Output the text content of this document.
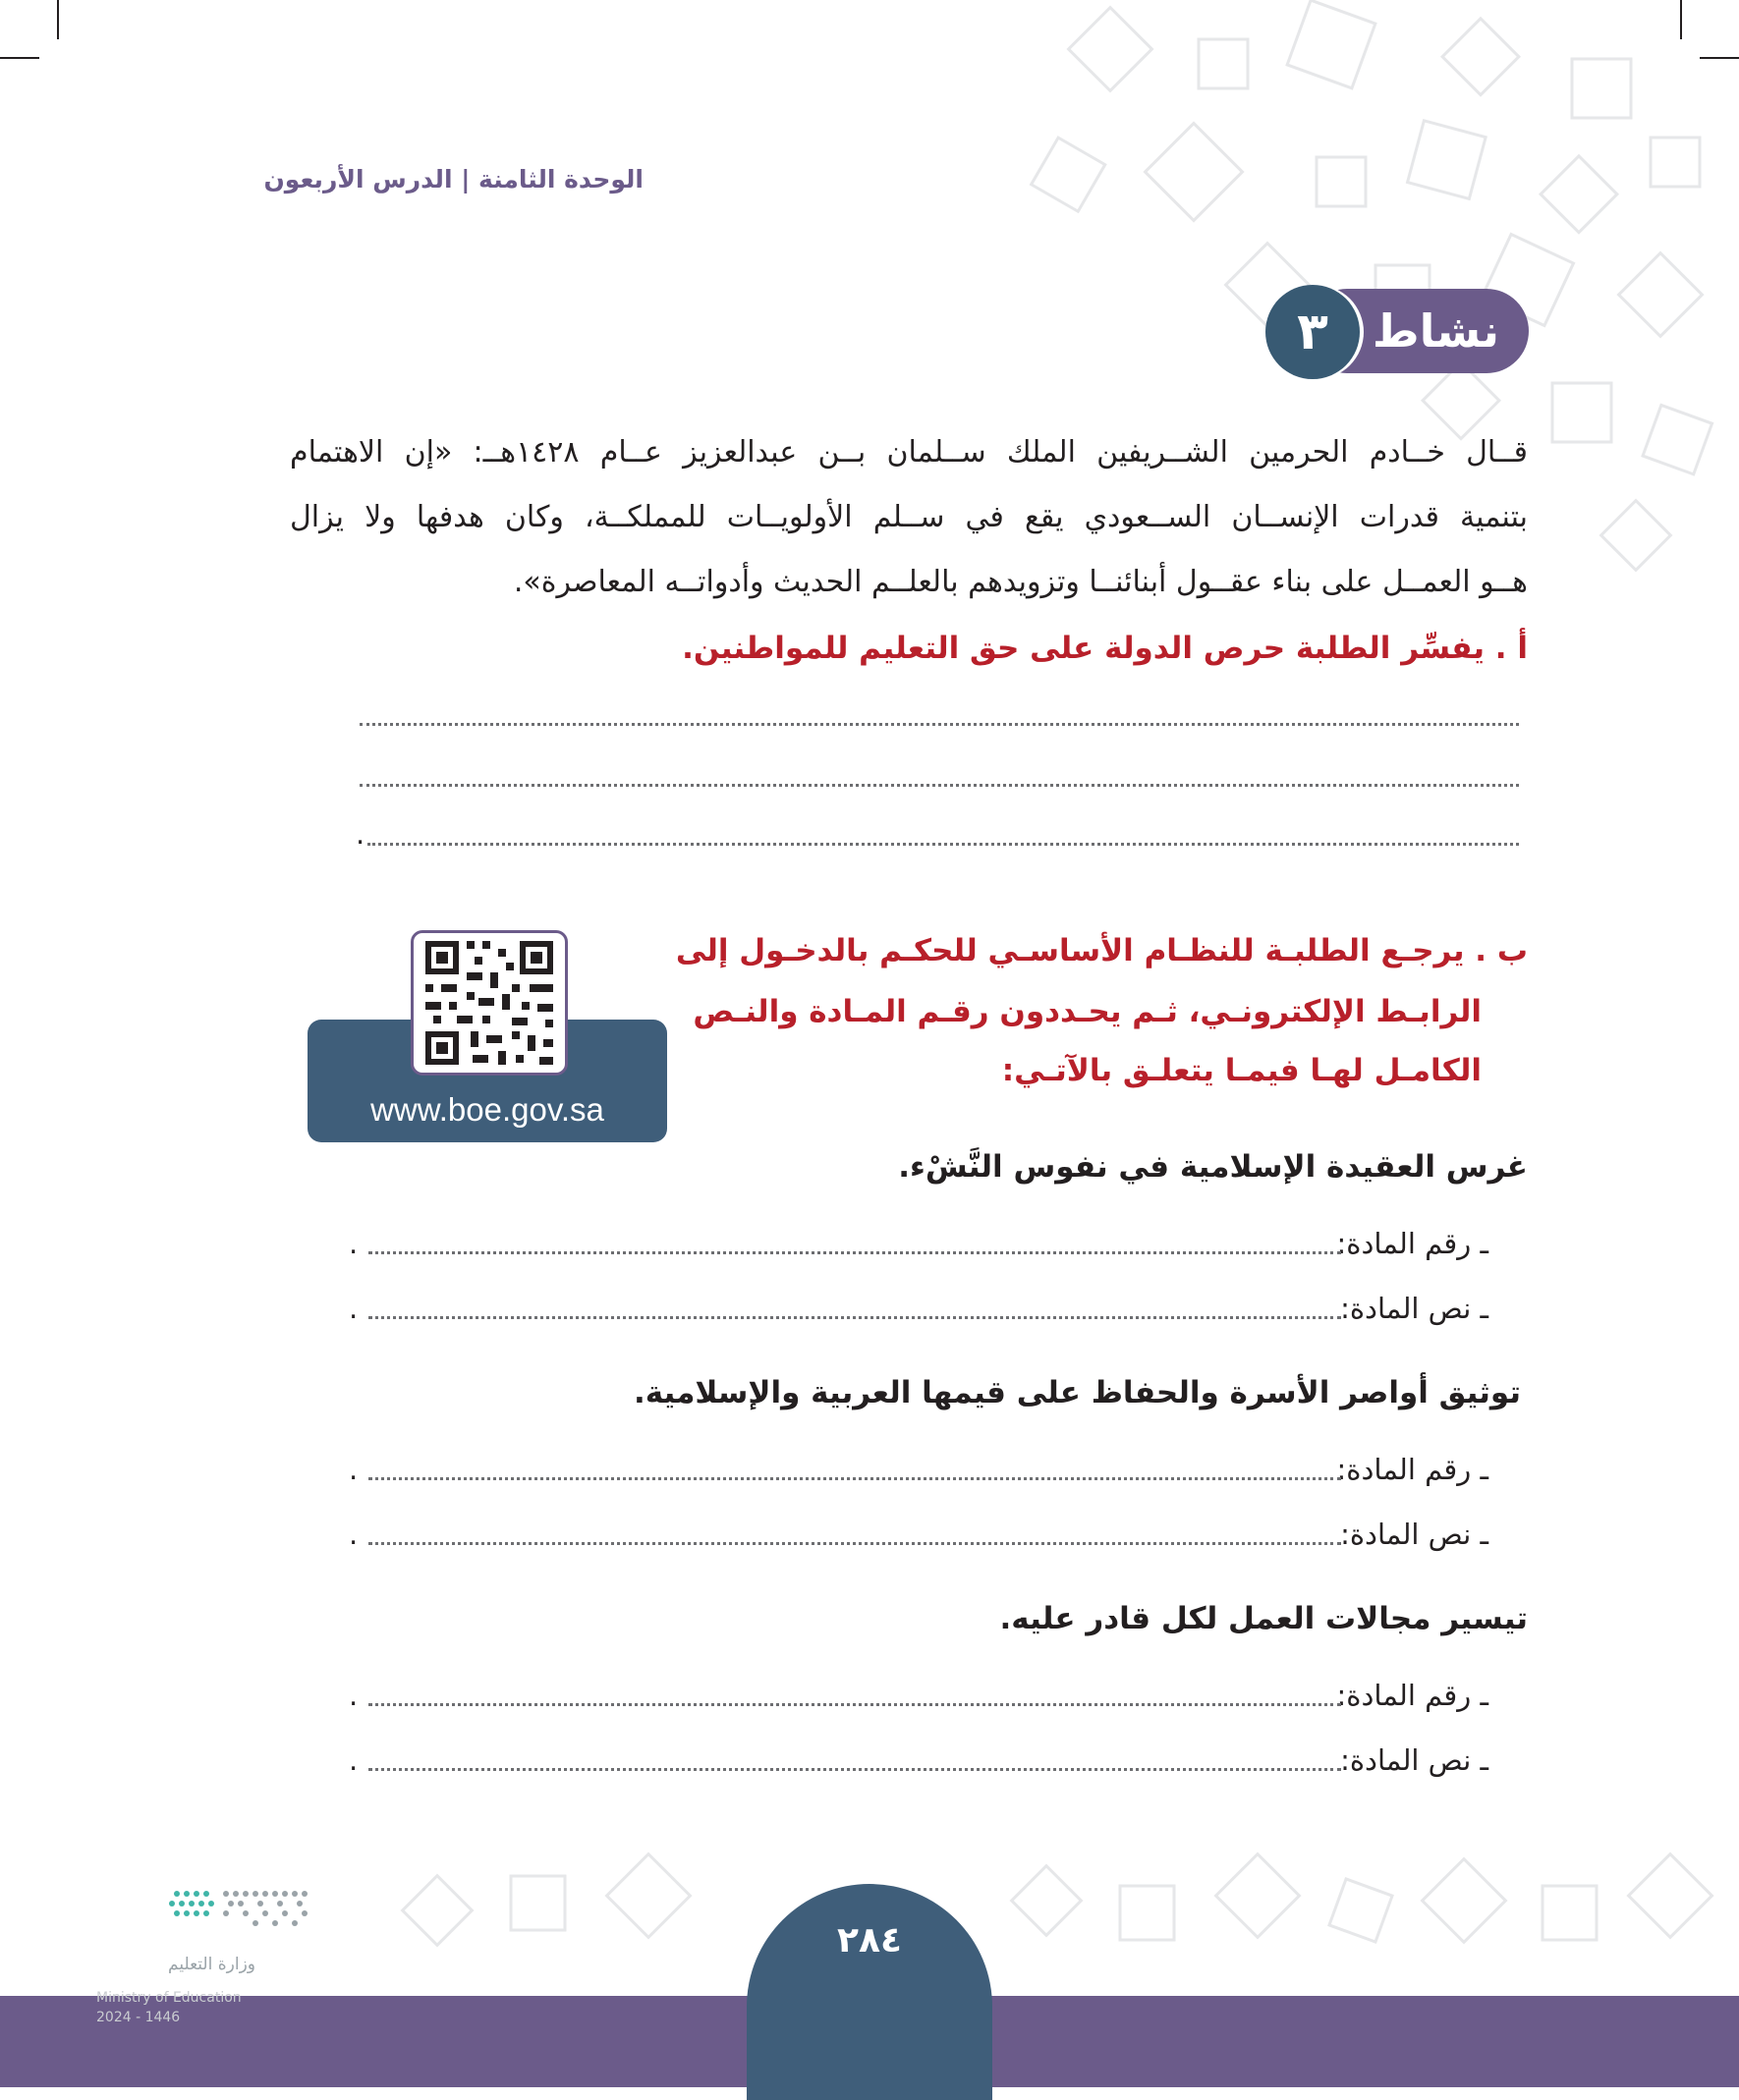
الوحدة الثامنة | الدرس الأربعون
نشاط
٣
قــال خــادم الحرمين الشــريفين الملك ســلمان بــن عبدالعزيز عــام ١٤٢٨هــ: «إن الاهتمام
بتنمية قدرات الإنســان الســعودي يقع في ســلم الأولويــات للمملكــة، وكان هدفها ولا يزال
هــو العمــل على بناء عقــول أبنائنــا وتزويدهم بالعلــم الحديث وأدواتــه المعاصرة».
أ . يفسِّر الطلبة حرص الدولة على حق التعليم للمواطنين.
.
ب . يرجـع الطلبـة للنظـام الأساسـي للحكـم بالدخـول إلى
الرابـط الإلكترونـي، ثـم يحـددون رقـم المـادة والنـص
الكامـل لهـا فيمـا يتعلـق بالآتـي:
www.boe.gov.sa
غرس العقيدة الإسلامية في نفوس النَّشْء.
ـ رقم المادة:
.
ـ نص المادة:
.
توثيق أواصر الأسرة والحفاظ على قيمها العربية والإسلامية.
ـ رقم المادة:
.
ـ نص المادة:
.
تيسير مجالات العمل لكل قادر عليه.
ـ رقم المادة:
.
ـ نص المادة:
.
٢٨٤
وزارة التعليم
Ministry of Education
2024 - 1446
